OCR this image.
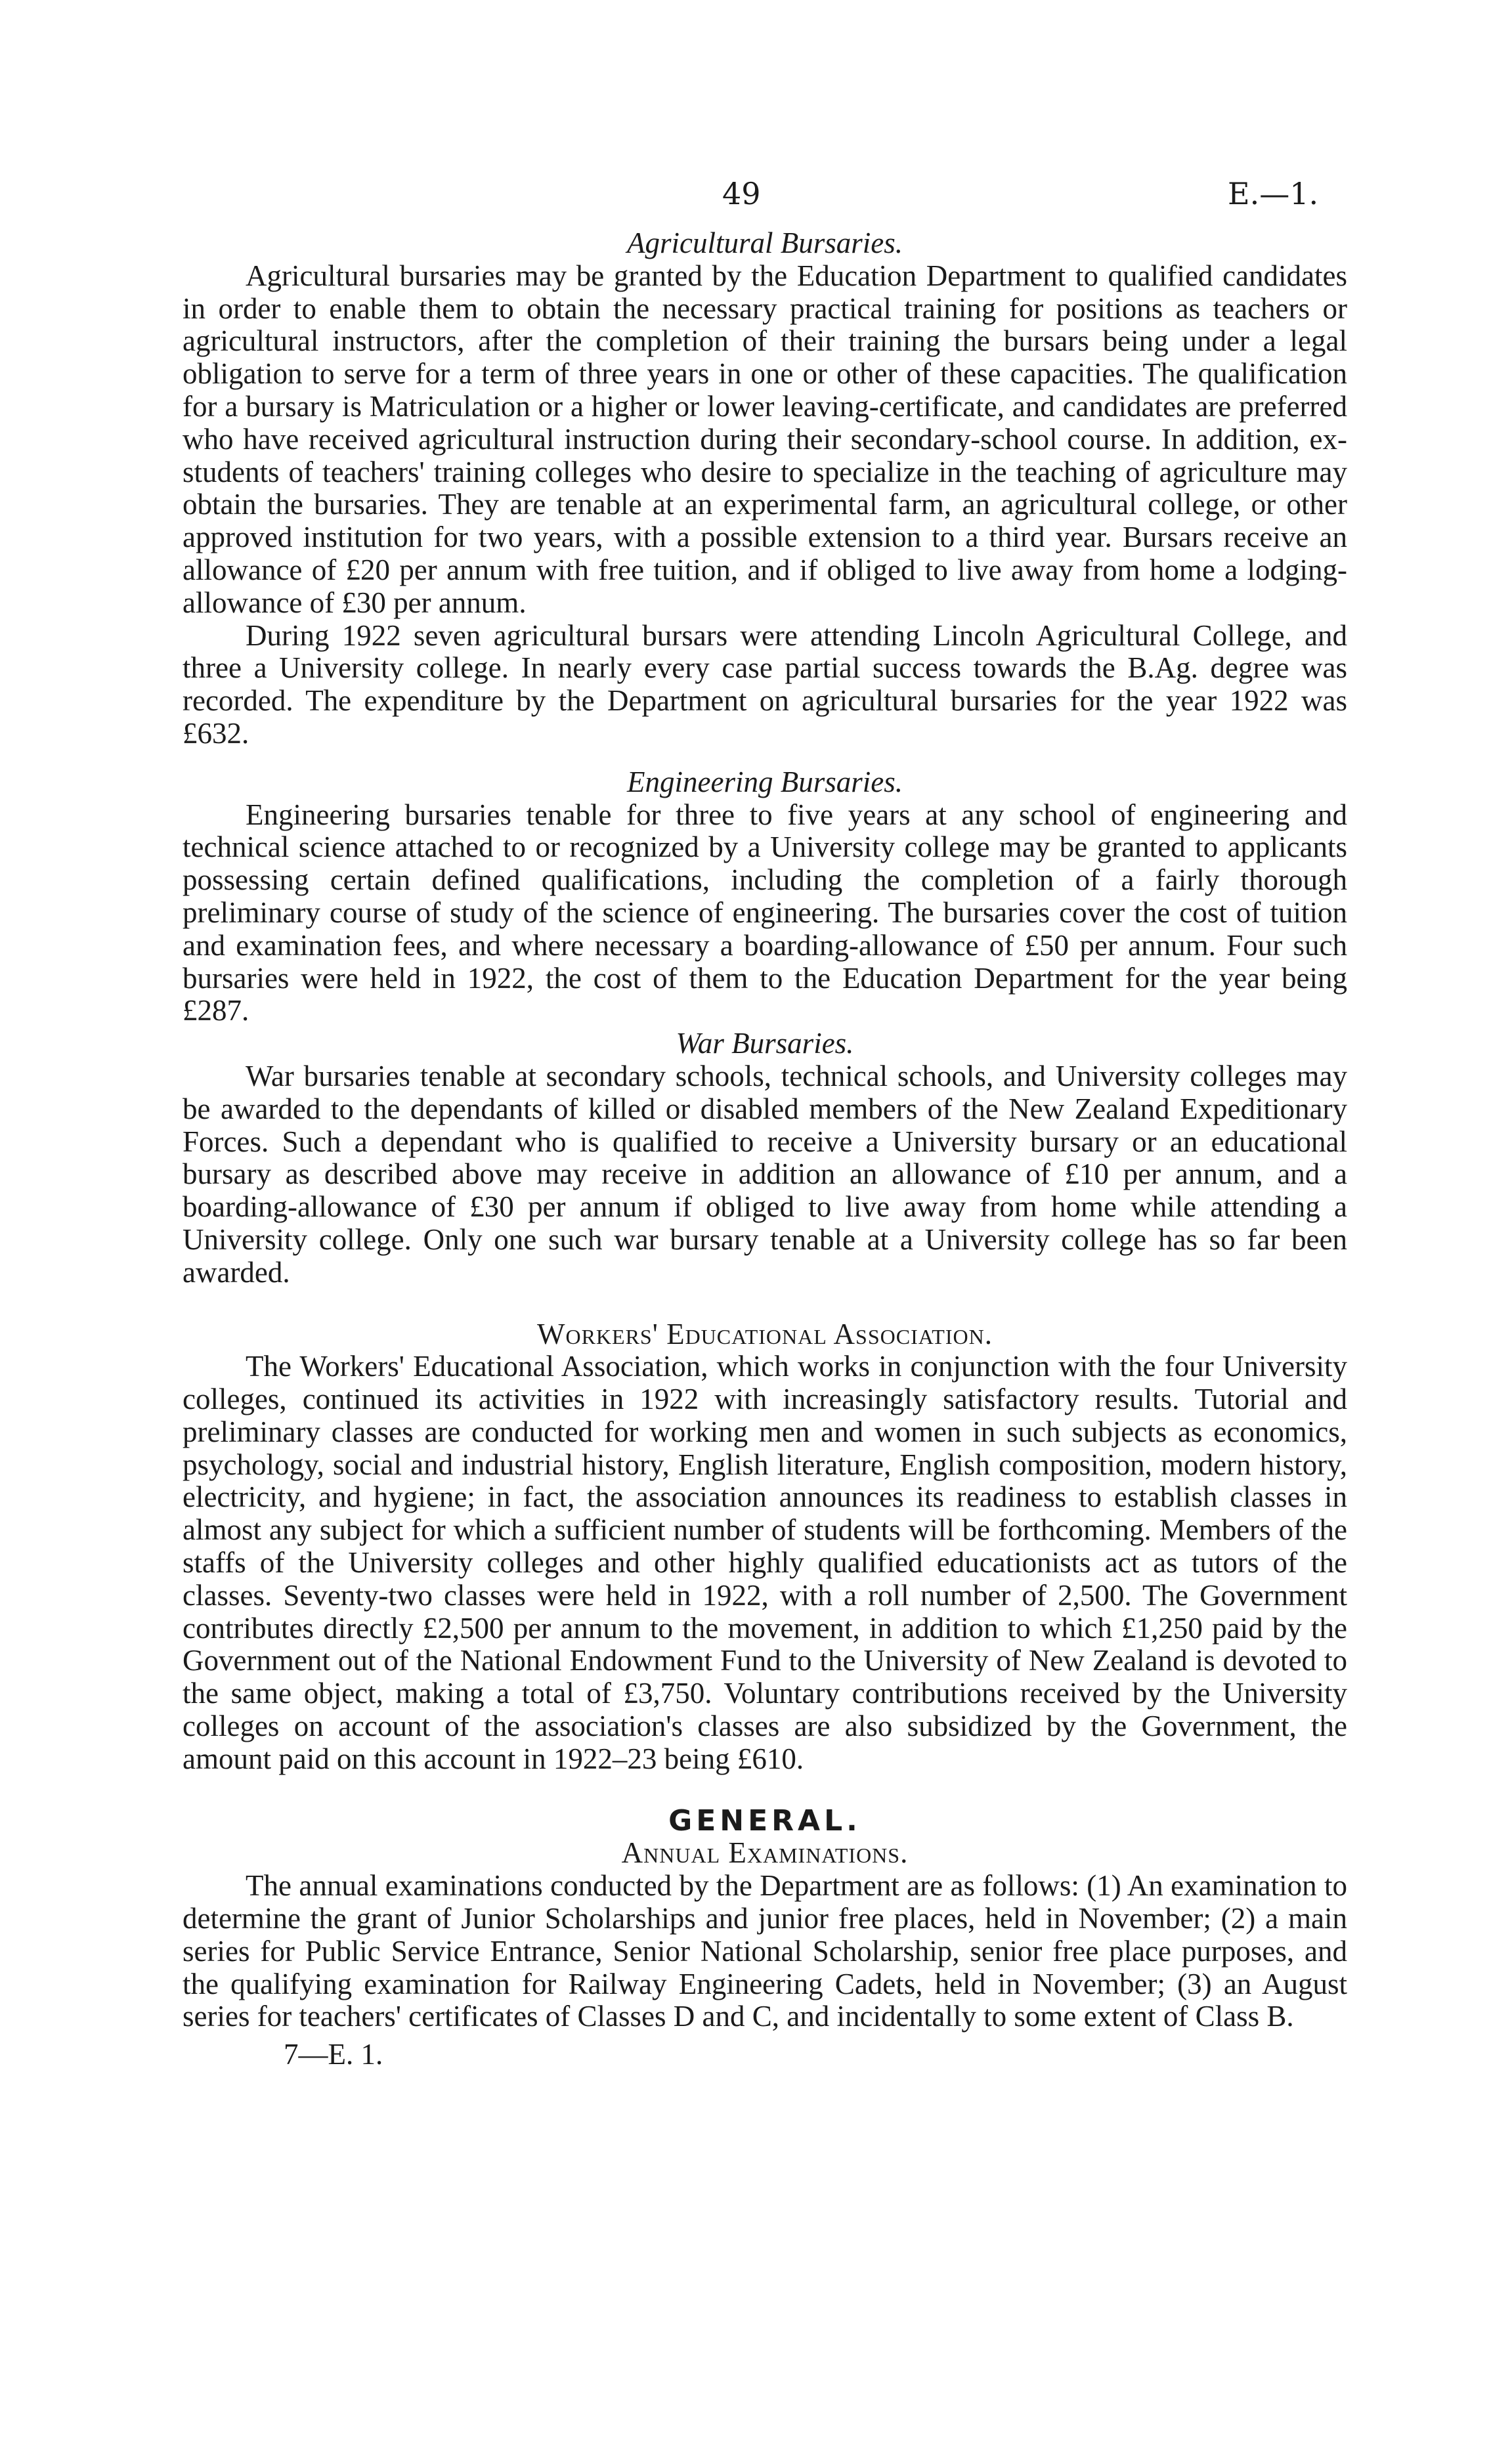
49	E.—1.
Agricultural Bursaries.

Agricultural bursaries may be granted by the Education Department to qualified candidates in order to enable them to obtain the necessary practical training for positions as teachers or agricultural instructors, after the completion of their training the bursars being under a legal obligation to serve for a term of three years in one or other of these capacities. The qualification for a bursary is Matriculation or a higher or lower leaving-certificate, and candidates are preferred who have received agricultural instruction during their secondary-school course. In addition, ex-students of teachers' training colleges who desire to specialize in the teaching of agriculture may obtain the bursaries. They are tenable at an experimental farm, an agricultural college, or other approved institution for two years, with a possible extension to a third year. Bursars receive an allowance of £20 per annum with free tuition, and if obliged to live away from home a lodging-allowance of £30 per annum.

During 1922 seven agricultural bursars were attending Lincoln Agricultural College, and three a University college. In nearly every case partial success towards the B.Ag. degree was recorded. The expenditure by the Department on agricultural bursaries for the year 1922 was £632.

Engineering Bursaries.

Engineering bursaries tenable for three to five years at any school of engineering and technical science attached to or recognized by a University college may be granted to applicants possessing certain defined qualifications, including the completion of a fairly thorough preliminary course of study of the science of engineering. The bursaries cover the cost of tuition and examination fees, and where necessary a boarding-allowance of £50 per annum. Four such bursaries were held in 1922, the cost of them to the Education Department for the year being £287.

War Bursaries.

War bursaries tenable at secondary schools, technical schools, and University colleges may be awarded to the dependants of killed or disabled members of the New Zealand Expeditionary Forces. Such a dependant who is qualified to receive a University bursary or an educational bursary as described above may receive in addition an allowance of £10 per annum, and a boarding-allowance of £30 per annum if obliged to live away from home while attending a University college. Only one such war bursary tenable at a University college has so far been awarded.

Workers' Educational Association.

The Workers' Educational Association, which works in conjunction with the four University colleges, continued its activities in 1922 with increasingly satisfactory results. Tutorial and preliminary classes are conducted for working men and women in such subjects as economics, psychology, social and industrial history, English literature, English composition, modern history, electricity, and hygiene; in fact, the association announces its readiness to establish classes in almost any subject for which a sufficient number of students will be forthcoming. Members of the staffs of the University colleges and other highly qualified educationists act as tutors of the classes. Seventy-two classes were held in 1922, with a roll number of 2,500. The Government contributes directly £2,500 per annum to the movement, in addition to which £1,250 paid by the Government out of the National Endowment Fund to the University of New Zealand is devoted to the same object, making a total of £3,750. Voluntary contributions received by the University colleges on account of the association's classes are also subsidized by the Government, the amount paid on this account in 1922–23 being £610.

GENERAL.
Annual Examinations.

The annual examinations conducted by the Department are as follows: (1) An examination to determine the grant of Junior Scholarships and junior free places, held in November; (2) a main series for Public Service Entrance, Senior National Scholarship, senior free place purposes, and the qualifying examination for Railway Engineering Cadets, held in November; (3) an August series for teachers' certificates of Classes D and C, and incidentally to some extent of Class B.

7—E. 1.
